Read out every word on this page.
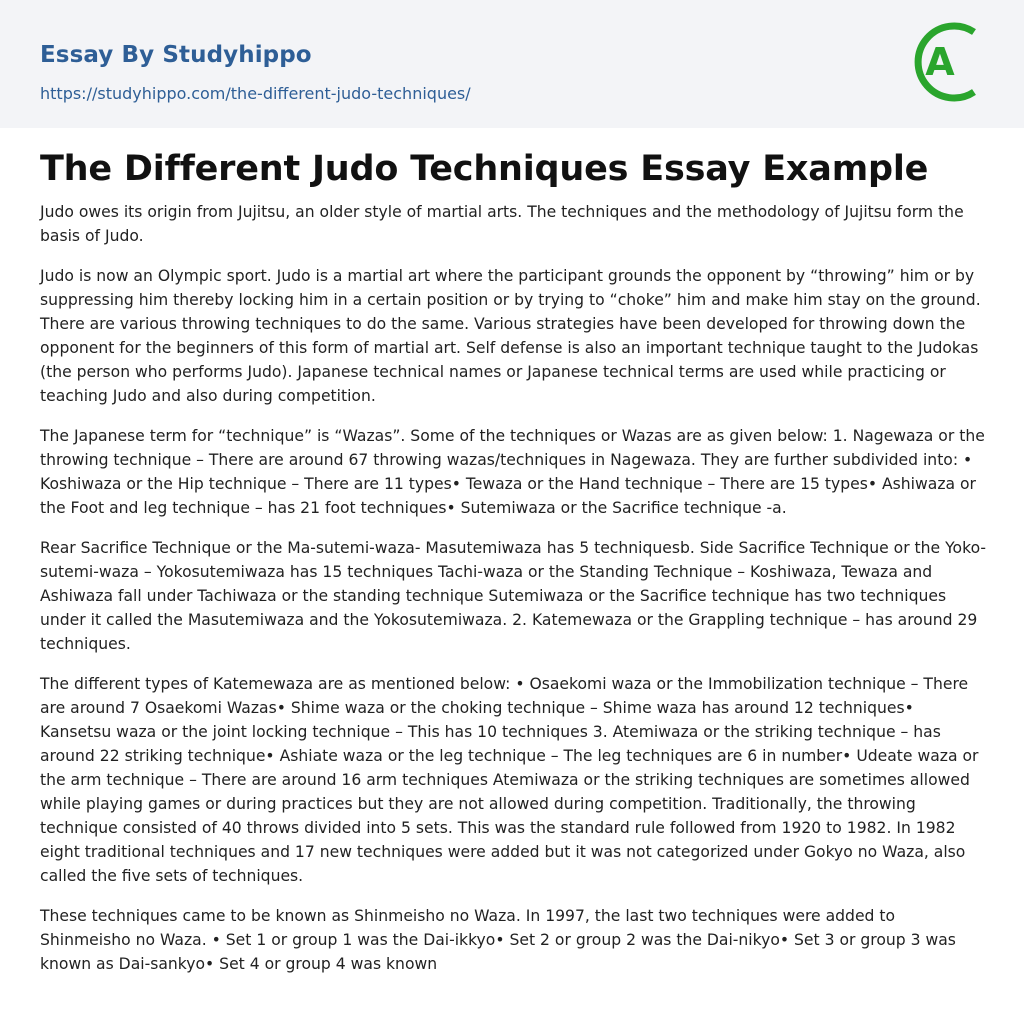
Essay By Studyhippo
https://studyhippo.com/the-different-judo-techniques/
A
The Different Judo Techniques Essay Example

Judo owes its origin from Jujitsu, an older style of martial arts. The techniques and the methodology of Jujitsu form the basis of Judo.

Judo is now an Olympic sport. Judo is a martial art where the participant grounds the opponent by “throwing” him or by suppressing him thereby locking him in a certain position or by trying to “choke” him and make him stay on the ground. There are various throwing techniques to do the same. Various strategies have been developed for throwing down the opponent for the beginners of this form of martial art. Self defense is also an important technique taught to the Judokas (the person who performs Judo). Japanese technical names or Japanese technical terms are used while practicing or teaching Judo and also during competition.

The Japanese term for “technique” is “Wazas”. Some of the techniques or Wazas are as given below: 1. Nagewaza or the throwing technique – There are around 67 throwing wazas/techniques in Nagewaza. They are further subdivided into: • Koshiwaza or the Hip technique – There are 11 types• Tewaza or the Hand technique – There are 15 types• Ashiwaza or the Foot and leg technique – has 21 foot techniques• Sutemiwaza or the Sacrifice technique -a.

Rear Sacrifice Technique or the Ma-sutemi-waza- Masutemiwaza has 5 techniquesb. Side Sacrifice Technique or the Yoko-sutemi-waza – Yokosutemiwaza has 15 techniques Tachi-waza or the Standing Technique – Koshiwaza, Tewaza and Ashiwaza fall under Tachiwaza or the standing technique Sutemiwaza or the Sacrifice technique has two techniques under it called the Masutemiwaza and the Yokosutemiwaza. 2. Katemewaza or the Grappling technique – has around 29 techniques.

The different types of Katemewaza are as mentioned below: • Osaekomi waza or the Immobilization technique – There are around 7 Osaekomi Wazas• Shime waza or the choking technique – Shime waza has around 12 techniques• Kansetsu waza or the joint locking technique – This has 10 techniques 3. Atemiwaza or the striking technique – has around 22 striking technique• Ashiate waza or the leg technique – The leg techniques are 6 in number• Udeate waza or the arm technique – There are around 16 arm techniques Atemiwaza or the striking techniques are sometimes allowed while playing games or during practices but they are not allowed during competition. Traditionally, the throwing technique consisted of 40 throws divided into 5 sets. This was the standard rule followed from 1920 to 1982. In 1982 eight traditional techniques and 17 new techniques were added but it was not categorized under Gokyo no Waza, also called the five sets of techniques.

These techniques came to be known as Shinmeisho no Waza. In 1997, the last two techniques were added to Shinmeisho no Waza. • Set 1 or group 1 was the Dai-ikkyo• Set 2 or group 2 was the Dai-nikyo• Set 3 or group 3 was known as Dai-sankyo• Set 4 or group 4 was known
